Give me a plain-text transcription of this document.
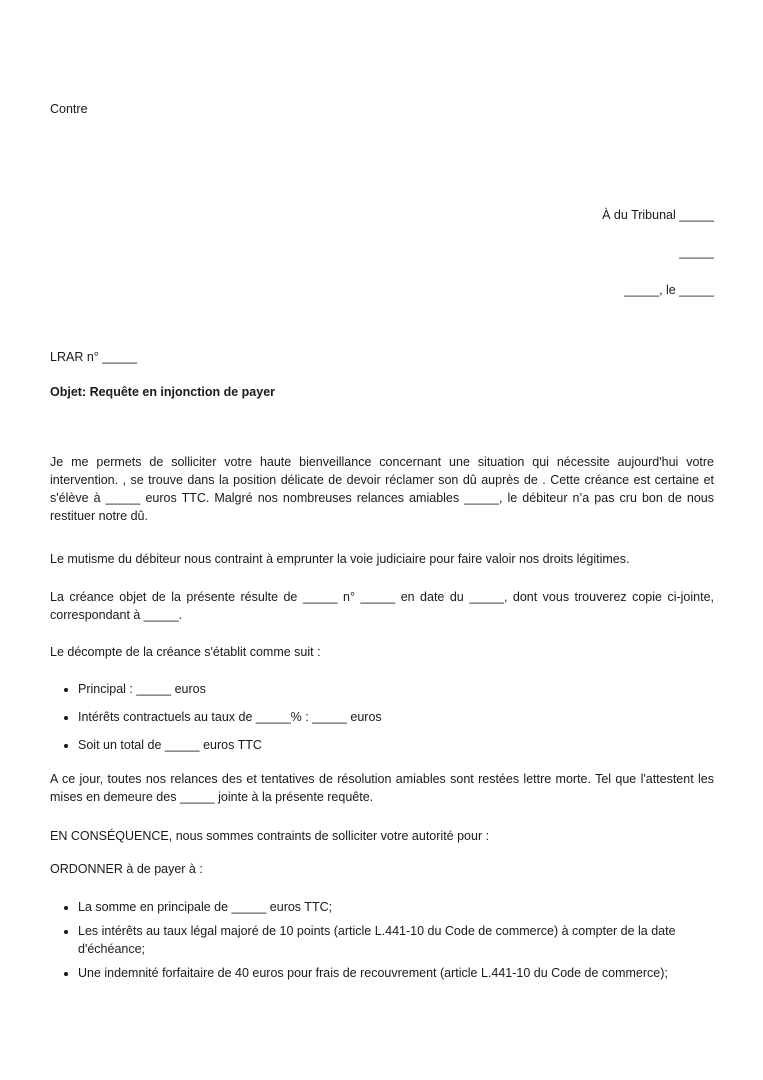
Contre

À du Tribunal _____

_____

_____, le _____

LRAR n° _____

Objet: Requête en injonction de payer

Je me permets de solliciter votre haute bienveillance concernant une situation qui nécessite aujourd'hui votre intervention. , se trouve dans la position délicate de devoir réclamer son dû auprès de . Cette créance est certaine et s'élève à _____ euros TTC. Malgré nos nombreuses relances amiables _____, le débiteur n’a pas cru bon de nous restituer notre dû.

Le mutisme du débiteur nous contraint à emprunter la voie judiciaire pour faire valoir nos droits légitimes.

La créance objet de la présente résulte de _____ n° _____ en date du _____, dont vous trouverez copie ci-jointe, correspondant à _____.

Le décompte de la créance s'établit comme suit :

• Principal : _____ euros
• Intérêts contractuels au taux de _____% : _____ euros
• Soit un total de _____ euros TTC

A ce jour, toutes nos relances des et tentatives de résolution amiables sont restées lettre morte. Tel que l'attestent les mises en demeure des _____ jointe à la présente requête.

EN CONSÉQUENCE, nous sommes contraints de solliciter votre autorité pour :

ORDONNER à de payer à :

• La somme en principale de _____ euros TTC;
• Les intérêts au taux légal majoré de 10 points (article L.441-10 du Code de commerce) à compter de la date d'échéance;
• Une indemnité forfaitaire de 40 euros pour frais de recouvrement (article L.441-10 du Code de commerce);
